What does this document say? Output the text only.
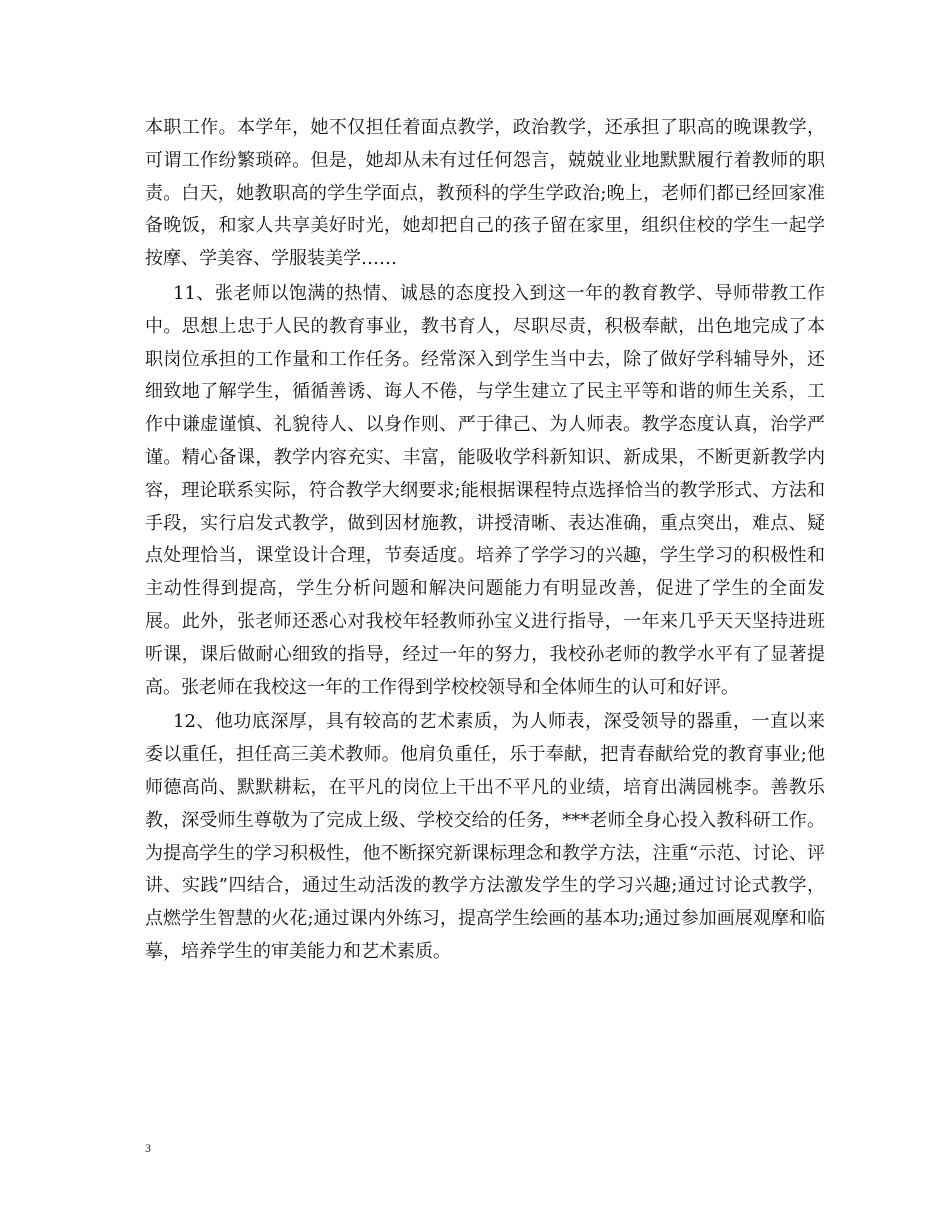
本职工作。本学年，她不仅担任着面点教学，政治教学，还承担了职高的晚课教学，可谓工作纷繁琐碎。但是，她却从未有过任何怨言，兢兢业业地默默履行着教师的职责。白天，她教职高的学生学面点，教预科的学生学政治;晚上，老师们都已经回家准备晚饭，和家人共享美好时光，她却把自己的孩子留在家里，组织住校的学生一起学按摩、学美容、学服装美学……

11、张老师以饱满的热情、诚恳的态度投入到这一年的教育教学、导师带教工作中。思想上忠于人民的教育事业，教书育人，尽职尽责，积极奉献，出色地完成了本职岗位承担的工作量和工作任务。经常深入到学生当中去，除了做好学科辅导外，还细致地了解学生，循循善诱、诲人不倦，与学生建立了民主平等和谐的师生关系，工作中谦虚谨慎、礼貌待人、以身作则、严于律己、为人师表。教学态度认真，治学严谨。精心备课，教学内容充实、丰富，能吸收学科新知识、新成果，不断更新教学内容，理论联系实际，符合教学大纲要求;能根据课程特点选择恰当的教学形式、方法和手段，实行启发式教学，做到因材施教，讲授清晰、表达准确，重点突出，难点、疑点处理恰当，课堂设计合理，节奏适度。培养了学学习的兴趣，学生学习的积极性和主动性得到提高，学生分析问题和解决问题能力有明显改善，促进了学生的全面发展。此外，张老师还悉心对我校年轻教师孙宝义进行指导，一年来几乎天天坚持进班听课，课后做耐心细致的指导，经过一年的努力，我校孙老师的教学水平有了显著提高。张老师在我校这一年的工作得到学校校领导和全体师生的认可和好评。

12、他功底深厚，具有较高的艺术素质，为人师表，深受领导的器重，一直以来委以重任，担任高三美术教师。他肩负重任，乐于奉献，把青春献给党的教育事业;他师德高尚、默默耕耘，在平凡的岗位上干出不平凡的业绩，培育出满园桃李。善教乐教，深受师生尊敬为了完成上级、学校交给的任务，***老师全身心投入教科研工作。为提高学生的学习积极性，他不断探究新课标理念和教学方法，注重“示范、讨论、评讲、实践”四结合，通过生动活泼的教学方法激发学生的学习兴趣;通过讨论式教学，点燃学生智慧的火花;通过课内外练习，提高学生绘画的基本功;通过参加画展观摩和临摹，培养学生的审美能力和艺术素质。

3
